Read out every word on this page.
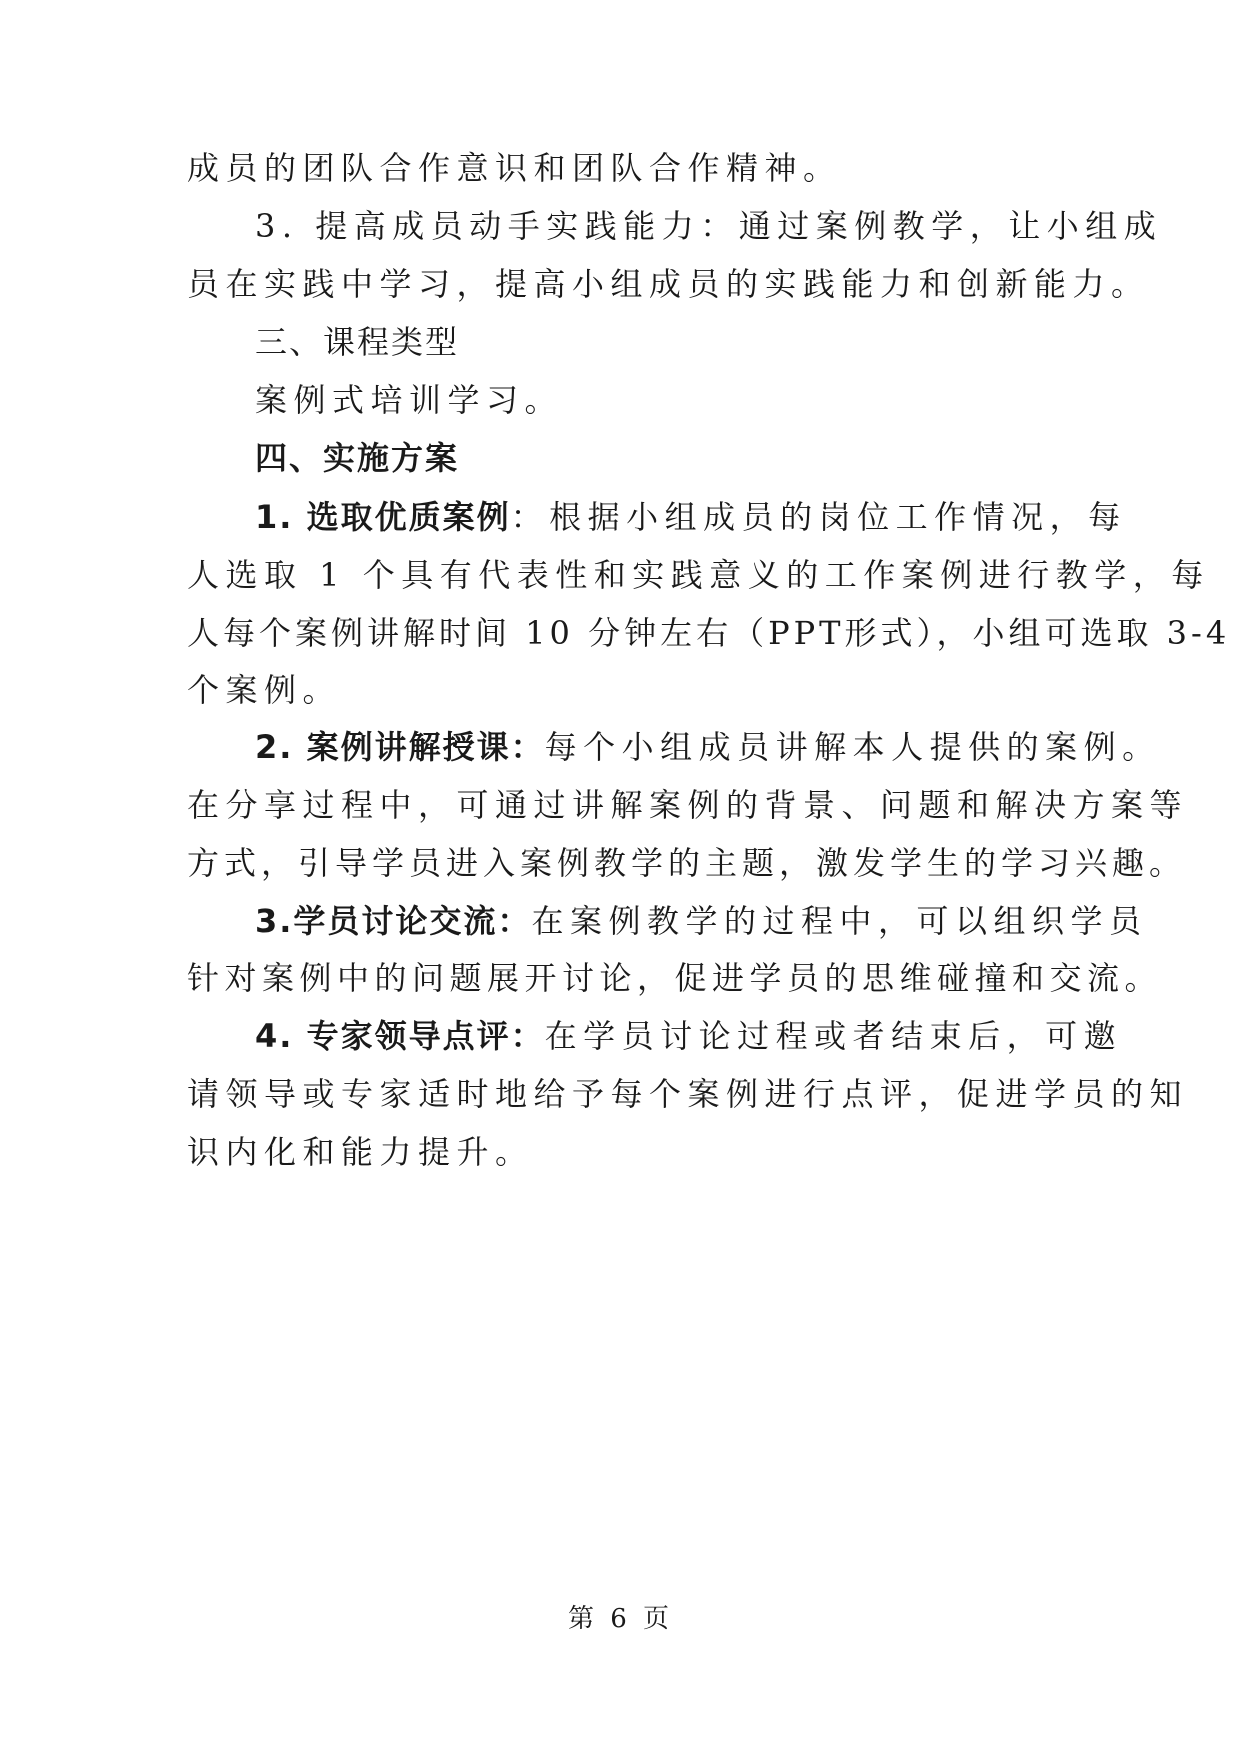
成员的团队合作意识和团队合作精神。
3. 提高成员动手实践能力：通过案例教学，让小组成
员在实践中学习，提高小组成员的实践能力和创新能力。
三、课程类型
案例式培训学习。
四、实施方案
1. 选取优质案例：根据小组成员的岗位工作情况，每
人选取 1 个具有代表性和实践意义的工作案例进行教学，每
人每个案例讲解时间 10 分钟左右（PPT形式），小组可选取 3-4
个案例。
2. 案例讲解授课：每个小组成员讲解本人提供的案例。
在分享过程中，可通过讲解案例的背景、问题和解决方案等
方式，引导学员进入案例教学的主题，激发学生的学习兴趣。
3.学员讨论交流：在案例教学的过程中，可以组织学员
针对案例中的问题展开讨论，促进学员的思维碰撞和交流。
4. 专家领导点评：在学员讨论过程或者结束后，可邀
请领导或专家适时地给予每个案例进行点评，促进学员的知
识内化和能力提升。
第 6 页
